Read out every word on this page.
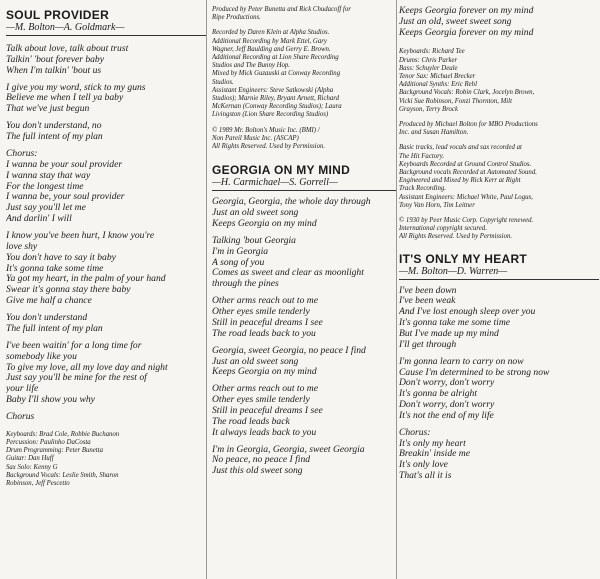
SOUL PROVIDER
—M. Bolton—A. Goldmark—
Talk about love, talk about trust
Talkin' 'bout forever baby
When I'm talkin' 'bout us
I give you my word, stick to my guns
Believe me when I tell ya baby
That we've just begun
You don't understand, no
The full intent of my plan
Chorus:
I wanna be your soul provider
I wanna stay that way
For the longest time
I wanna be, your soul provider
Just say you'll let me
And darlin' I will
I know you've been hurt, I know you're
love shy
You don't have to say it baby
It's gonna take some time
Ya got my heart, in the palm of your hand
Swear it's gonna stay there baby
Give me half a chance
You don't understand
The full intent of my plan
I've been waitin' for a long time for
somebody like you
To give my love, all my love day and night
Just say you'll be mine for the rest of
your life
Baby I'll show you why
Chorus
Keyboards: Brad Cole, Robbie Buchanon
Percussion: Paulinho DaCosta
Drum Programming: Peter Bunetta
Guitar: Dan Huff
Sax Solo: Kenny G
Background Vocals: Leslie Smith, Sharon
Robinson, Jeff Pescetto
Produced by Peter Bunetta and Rick Chudacoff for
Ripe Productions.
Recorded by Daren Klein at Alpha Studios.
Additional Recording by Mark Ettel, Gary
Wagner, Jeff Baulding and Gerry E. Brown.
Additional Recording at Lion Share Recording
Studios and The Bunny Hop.
Mixed by Mick Guzauski at Conway Recording
Studios.
Assistant Engineers: Steve Satkowski (Alpha
Studios); Marnie Riley, Bryant Arnett, Richard
McKernan (Conway Recording Studios); Laura
Livingston (Lion Share Recording Studios)
© 1989 Mr. Bolton's Music Inc. (BMI) /
Non Pareil Music Inc. (ASCAP)
All Rights Reserved. Used by Permission.
GEORGIA ON MY MIND
—H. Carmichael—S. Gorrell—
Georgia, Georgia, the whole day through
Just an old sweet song
Keeps Georgia on my mind
Talking 'bout Georgia
I'm in Georgia
A song of you
Comes as sweet and clear as moonlight
through the pines
Other arms reach out to me
Other eyes smile tenderly
Still in peaceful dreams I see
The road leads back to you
Georgia, sweet Georgia, no peace I find
Just an old sweet song
Keeps Georgia on my mind
Other arms reach out to me
Other eyes smile tenderly
Still in peaceful dreams I see
The road leads back
It always leads back to you
I'm in Georgia, Georgia, sweet Georgia
No peace, no peace I find
Just this old sweet song
Keeps Georgia forever on my mind
Just an old, sweet sweet song
Keeps Georgia forever on my mind
Keyboards: Richard Tee
Drums: Chris Parker
Bass: Schuyler Deale
Tenor Sax: Michael Brecker
Additional Synths: Eric Rehl
Background Vocals: Robin Clark, Jocelyn Brown,
Vicki Sue Robinson, Fonzi Thornton, Milt
Grayson, Terry Brock
Produced by Michael Bolton for MBO Productions
Inc. and Susan Hamilton.
Basic tracks, lead vocals and sax recorded at
The Hit Factory.
Keyboards Recorded at Ground Control Studios.
Background vocals Recorded at Automated Sound.
Engineered and Mixed by Rick Kerr at Right
Track Recording.
Assistant Engineers: Michael White, Paul Logus,
Tony Van Horn, Tim Leitner
© 1930 by Peer Music Corp. Copyright renewed.
International copyright secured.
All Rights Reserved. Used by Permission.
IT'S ONLY MY HEART
—M. Bolton—D. Warren—
I've been down
I've been weak
And I've lost enough sleep over you
It's gonna take me some time
But I've made up my mind
I'll get through
I'm gonna learn to carry on now
Cause I'm determined to be strong now
Don't worry, don't worry
It's gonna be alright
Don't worry, don't worry
It's not the end of my life
Chorus:
It's only my heart
Breakin' inside me
It's only love
That's all it is
